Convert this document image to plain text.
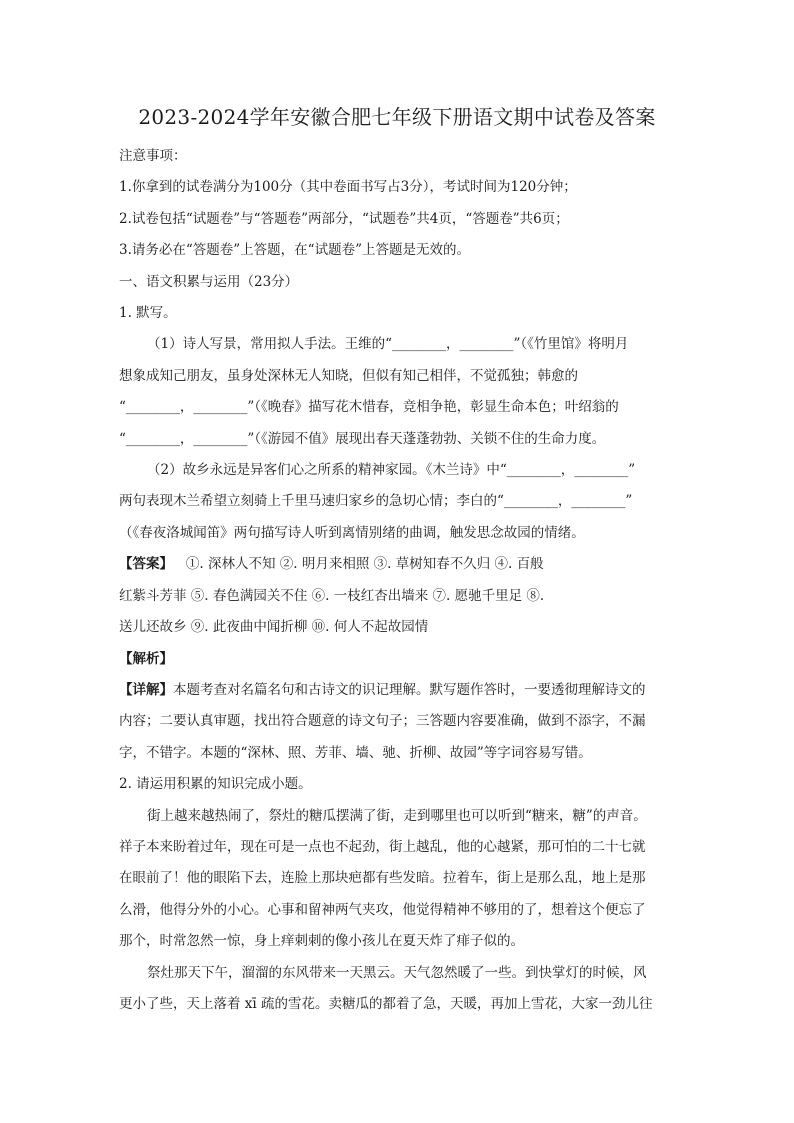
2023-2024学年安徽合肥七年级下册语文期中试卷及答案

注意事项：

1.你拿到的试卷满分为100分（其中卷面书写占3分），考试时间为120分钟；

2.试卷包括“试题卷”与“答题卷”两部分，“试题卷”共4页，“答题卷”共6页；

3.请务必在“答题卷”上答题，在“试题卷”上答题是无效的。

一、语文积累与运用（23分）

1. 默写。

（1）诗人写景，常用拟人手法。王维的“________，________”（《竹里馆》将明月

想象成知己朋友，虽身处深林无人知晓，但似有知己相伴，不觉孤独；韩愈的

“________，________”（《晚春》描写花木惜春，竞相争艳，彰显生命本色；叶绍翁的

“________，________”（《游园不值》展现出春天蓬蓬勃勃、关锁不住的生命力度。

（2）故乡永远是异客们心之所系的精神家园。《木兰诗》中“________，________”

两句表现木兰希望立刻骑上千里马速归家乡的急切心情；李白的“________，________”

（《春夜洛城闻笛》两句描写诗人听到离情别绪的曲调，触发思念故园的情绪。

【答案】 ①. 深林人不知 ②. 明月来相照 ③. 草树知春不久归 ④. 百般

红紫斗芳菲 ⑤. 春色满园关不住 ⑥. 一枝红杏出墙来 ⑦. 愿驰千里足 ⑧.

送儿还故乡 ⑨. 此夜曲中闻折柳 ⑩. 何人不起故园情

【解析】

【详解】本题考查对名篇名句和古诗文的识记理解。默写题作答时，一要透彻理解诗文的

内容；二要认真审题，找出符合题意的诗文句子；三答题内容要准确，做到不添字，不漏

字，不错字。本题的“深林、照、芳菲、墙、驰、折柳、故园”等字词容易写错。

2. 请运用积累的知识完成小题。

街上越来越热闹了，祭灶的糖瓜摆满了街，走到哪里也可以听到“糖来，糖”的声音。

祥子本来盼着过年，现在可是一点也不起劲，街上越乱，他的心越紧，那可怕的二十七就

在眼前了！他的眼陷下去，连脸上那块疤都有些发暗。拉着车，街上是那么乱，地上是那

么滑，他得分外的小心。心事和留神两气夹攻，他觉得精神不够用的了，想着这个便忘了

那个，时常忽然一惊，身上痒刺刺的像小孩儿在夏天炸了痱子似的。

祭灶那天下午，溜溜的东风带来一天黑云。天气忽然暖了一些。到快掌灯的时候，风

更小了些，天上落着 xī 疏的雪花。卖糖瓜的都着了急，天暖，再加上雪花，大家一劲儿往
